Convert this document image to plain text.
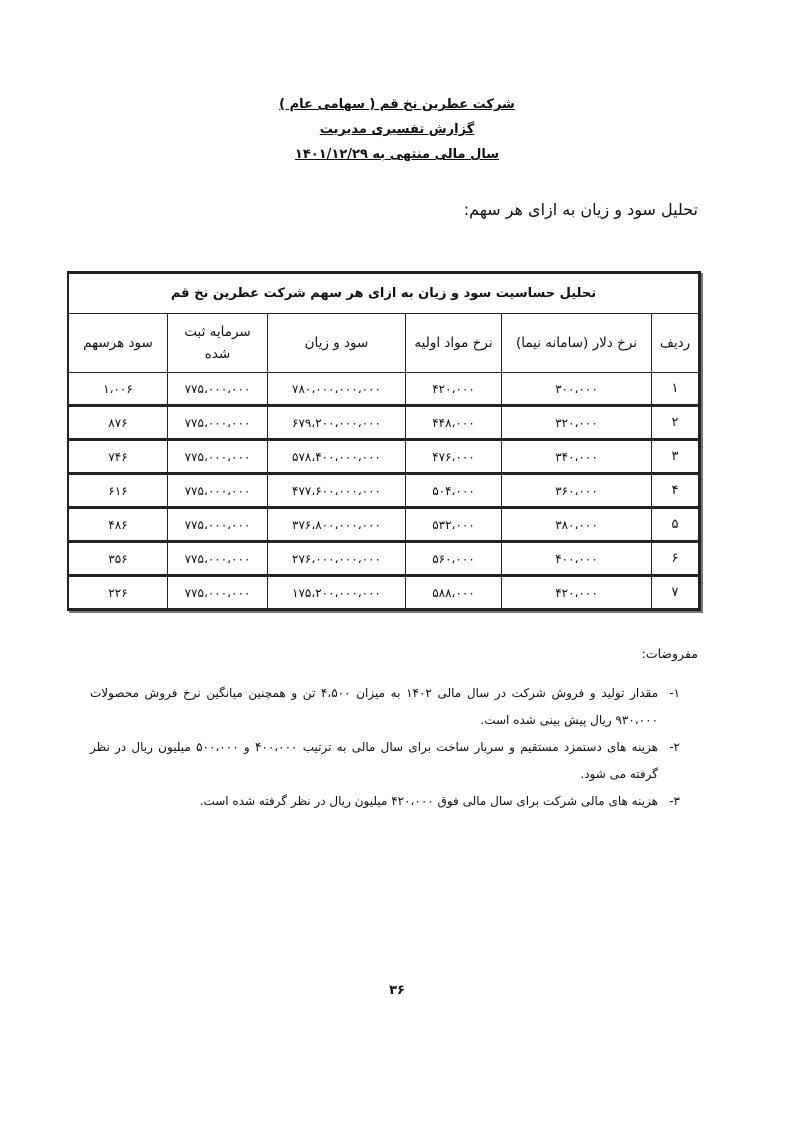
شرکت عطرین نخ قم ( سهامی عام )
گزارش تفسیری مدیریت
سال مالی منتهی به ۱۴۰۱/۱۲/۲۹
تحلیل سود و زیان به ازای هر سهم:
تحلیل حساسیت سود و زیان به ازای هر سهم شرکت عطرین نخ قم					
ردیف	نرخ دلار (سامانه نیما)	نرخ مواد اولیه	سود و زیان	سرمایه ثبت شده	سود هرسهم
۱	۳۰۰،۰۰۰	۴۲۰،۰۰۰	۷۸۰،۰۰۰،۰۰۰،۰۰۰	۷۷۵،۰۰۰،۰۰۰	۱،۰۰۶
۲	۳۲۰،۰۰۰	۴۴۸،۰۰۰	۶۷۹،۲۰۰،۰۰۰،۰۰۰	۷۷۵،۰۰۰،۰۰۰	۸۷۶
۳	۳۴۰،۰۰۰	۴۷۶،۰۰۰	۵۷۸،۴۰۰،۰۰۰،۰۰۰	۷۷۵،۰۰۰،۰۰۰	۷۴۶
۴	۳۶۰،۰۰۰	۵۰۴،۰۰۰	۴۷۷،۶۰۰،۰۰۰،۰۰۰	۷۷۵،۰۰۰،۰۰۰	۶۱۶
۵	۳۸۰،۰۰۰	۵۳۲،۰۰۰	۳۷۶،۸۰۰،۰۰۰،۰۰۰	۷۷۵،۰۰۰،۰۰۰	۴۸۶
۶	۴۰۰،۰۰۰	۵۶۰،۰۰۰	۲۷۶،۰۰۰،۰۰۰،۰۰۰	۷۷۵،۰۰۰،۰۰۰	۳۵۶
۷	۴۲۰،۰۰۰	۵۸۸،۰۰۰	۱۷۵،۲۰۰،۰۰۰،۰۰۰	۷۷۵،۰۰۰،۰۰۰	۲۲۶
مفروضات:
۱-
مقدار تولید و فروش شرکت در سال مالی ۱۴۰۲ به میزان ۴،۵۰۰ تن و همچنین میانگین نرخ فروش محصولات ۹۳۰،۰۰۰ ریال پیش بینی شده است.
۲-
هزینه های دستمزد مستقیم و سربار ساخت برای سال مالی به ترتیب ۴۰۰،۰۰۰ و ۵۰۰،۰۰۰ میلیون ریال در نظر گرفته می شود.
۳-
هزینه های مالی شرکت برای سال مالی فوق ۴۲۰،۰۰۰ میلیون ریال در نظر گرفته شده است.
۳۶
